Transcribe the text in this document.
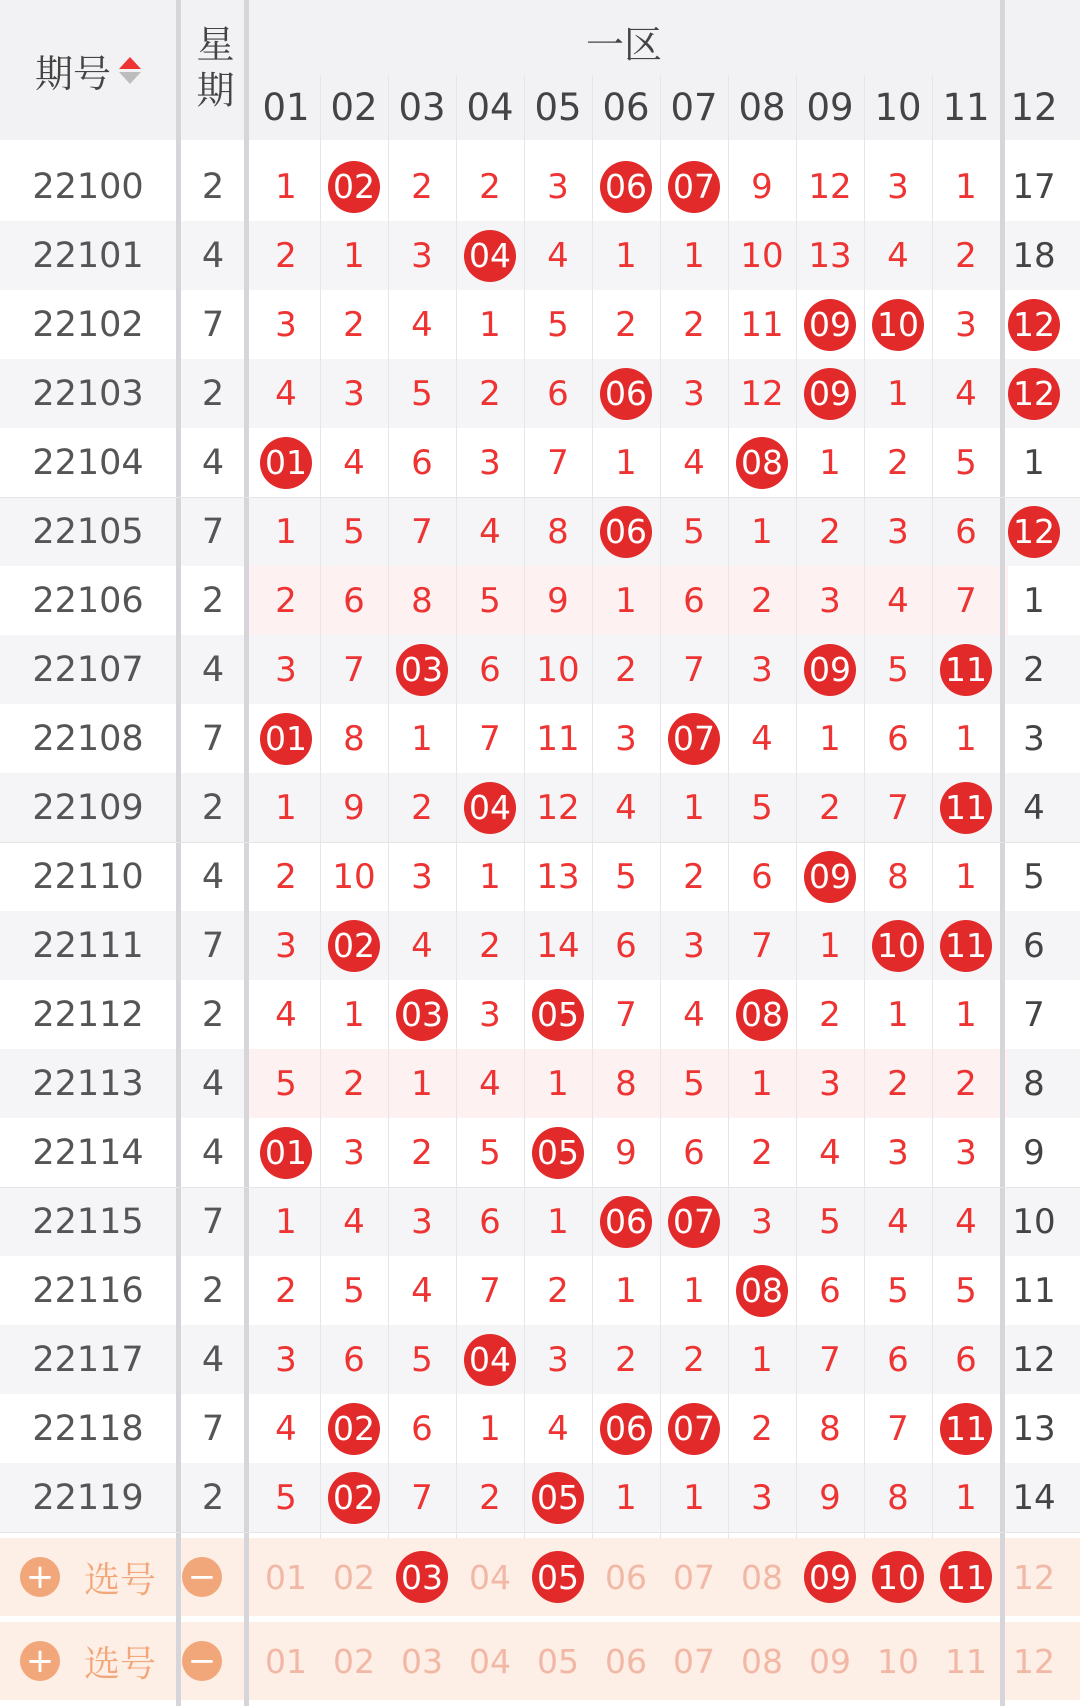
期号	星期	一区
01 02 03 04 05 06 07 08 09 10 11 12
22100	2	1 02 2 2 3 06 07 9 12 3 1 17
22101	4	2 1 3 04 4 1 1 10 13 4 2 18
22102	7	3 2 4 1 5 2 2 11 09 10 3 12
22103	2	4 3 5 2 6 06 3 12 09 1 4 12
22104	4	01 4 6 3 7 1 4 08 1 2 5 1
22105	7	1 5 7 4 8 06 5 1 2 3 6 12
22106	2	2 6 8 5 9 1 6 2 3 4 7 1
22107	4	3 7 03 6 10 2 7 3 09 5 11 2
22108	7	01 8 1 7 11 3 07 4 1 6 1 3
22109	2	1 9 2 04 12 4 1 5 2 7 11 4
22110	4	2 10 3 1 13 5 2 6 09 8 1 5
22111	7	3 02 4 2 14 6 3 7 1 10 11 6
22112	2	4 1 03 3 05 7 4 08 2 1 1 7
22113	4	5 2 1 4 1 8 5 1 3 2 2 8
22114	4	01 3 2 5 05 9 6 2 4 3 3 9
22115	7	1 4 3 6 1 06 07 3 5 4 4 10
22116	2	2 5 4 7 2 1 1 08 6 5 5 11
22117	4	3 6 5 04 3 2 2 1 7 6 6 12
22118	7	4 02 6 1 4 06 07 2 8 7 11 13
22119	2	5 02 7 2 05 1 1 3 9 8 1 14
+ 选号 − 01 02 03 04 05 06 07 08 09 10 11 12
+ 选号 − 01 02 03 04 05 06 07 08 09 10 11 12
